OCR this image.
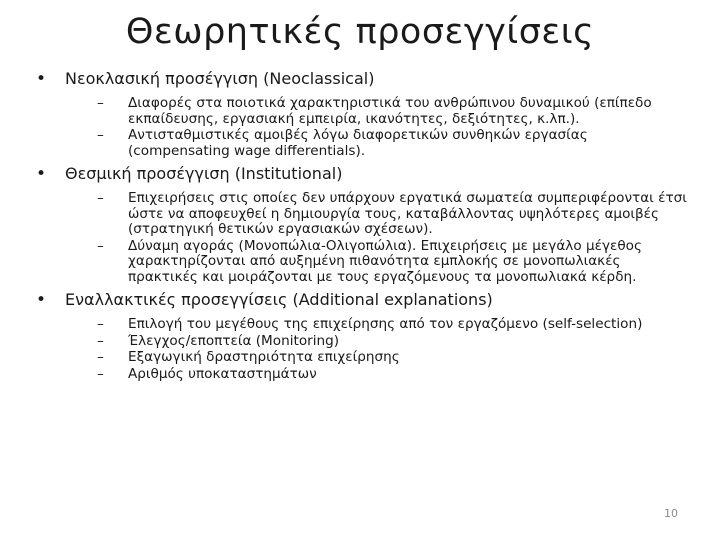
Θεωρητικές προσεγγίσεις
• Νεοκλασική προσέγγιση (Neoclassical)
– Διαφορές στα ποιοτικά χαρακτηριστικά του ανθρώπινου δυναμικού (επίπεδο εκπαίδευσης, εργασιακή εμπειρία, ικανότητες, δεξιότητες, κ.λπ.).
– Αντισταθμιστικές αμοιβές λόγω διαφορετικών συνθηκών εργασίας (compensating wage differentials).
• Θεσμική προσέγγιση (Institutional)
– Επιχειρήσεις στις οποίες δεν υπάρχουν εργατικά σωματεία συμπεριφέρονται έτσι ώστε να αποφευχθεί η δημιουργία τους, καταβάλλοντας υψηλότερες αμοιβές (στρατηγική θετικών εργασιακών σχέσεων).
– Δύναμη αγοράς (Μονοπώλια-Ολιγοπώλια). Επιχειρήσεις με μεγάλο μέγεθος χαρακτηρίζονται από αυξημένη πιθανότητα εμπλοκής σε μονοπωλιακές πρακτικές και μοιράζονται με τους εργαζόμενους τα μονοπωλιακά κέρδη.
• Εναλλακτικές προσεγγίσεις (Additional explanations)
– Επιλογή του μεγέθους της επιχείρησης από τον εργαζόμενο (self-selection)
– Έλεγχος/εποπτεία (Monitoring)
– Εξαγωγική δραστηριότητα επιχείρησης
– Αριθμός υποκαταστημάτων
10
